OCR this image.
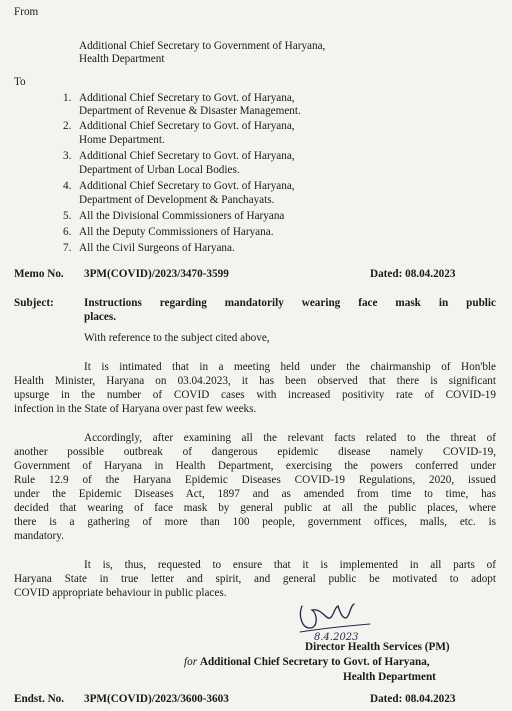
From
Additional Chief Secretary to Government of Haryana,
Health Department
To
1. Additional Chief Secretary to Govt. of Haryana,
Department of Revenue & Disaster Management.
2. Additional Chief Secretary to Govt. of Haryana,
Home Department.
3. Additional Chief Secretary to Govt. of Haryana,
Department of Urban Local Bodies.
4. Additional Chief Secretary to Govt. of Haryana,
Department of Development & Panchayats.
5. All the Divisional Commissioners of Haryana
6. All the Deputy Commissioners of Haryana.
7. All the Civil Surgeons of Haryana.
Memo No. 3PM(COVID)/2023/3470-3599	Dated: 08.04.2023
Subject:	Instructions regarding mandatorily wearing face mask in public
places.
With reference to the subject cited above,
It is intimated that in a meeting held under the chairmanship of Hon'ble
Health Minister, Haryana on 03.04.2023, it has been observed that there is significant
upsurge in the number of COVID cases with increased positivity rate of COVID-19
infection in the State of Haryana over past few weeks.
Accordingly, after examining all the relevant facts related to the threat of
another possible outbreak of dangerous epidemic disease namely COVID-19,
Government of Haryana in Health Department, exercising the powers conferred under
Rule 12.9 of the Haryana Epidemic Diseases COVID-19 Regulations, 2020, issued
under the Epidemic Diseases Act, 1897 and as amended from time to time, has
decided that wearing of face mask by general public at all the public places, where
there is a gathering of more than 100 people, government offices, malls, etc. is
mandatory.
It is, thus, requested to ensure that it is implemented in all parts of
Haryana State in true letter and spirit, and general public be motivated to adopt
COVID appropriate behaviour in public places.
8.4.2023
Director Health Services (PM)
for Additional Chief Secretary to Govt. of Haryana,
Health Department
Endst. No. 3PM(COVID)/2023/3600-3603	Dated: 08.04.2023
